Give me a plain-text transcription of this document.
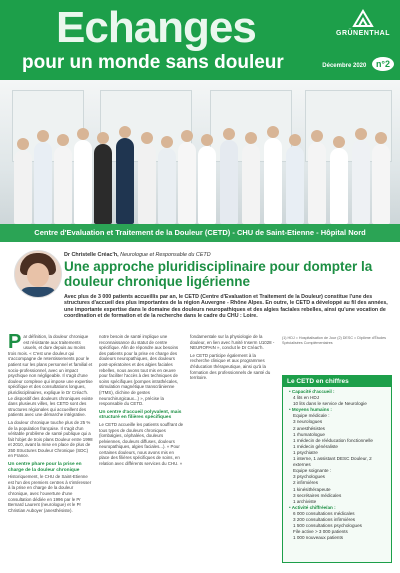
Echanges
pour un monde sans douleur
GRÜNENTHAL
Décembre 2020 n°2
Centre d'Evaluation et Traitement de la Douleur (CETD) - CHU de Saint-Etienne - Hôpital Nord
Dr Christelle Créac'h, Neurologue et Responsable du CETD
Une approche pluridisciplinaire pour dompter la douleur chronique ligérienne
Avec plus de 3 000 patients accueillis par an, le CETD (Centre d'Evaluation et Traitement de la Douleur) constitue l'une des structures d'accueil des plus importantes de la région Auvergne - Rhône Alpes. En outre, le CETD a développé au fil des années, une importante expertise dans le domaine des douleurs neuropathiques et des algies faciales rebelles, ainsi qu'une vocation de coordination et de formation et de la recherche dans le cadre du CHU : Loire.

Par définition, la douleur chronique est résistante aux traitements usuels, et dure depuis au moins trois mois. « C'est une douleur qui s'accompagne de retentissements pour le patient sur les plans personnel et familial et socio-professionnel, avec un impact psychique non négligeable. Il s'agit d'une douleur complexe qui impose une expertise spécifique et des consultations longues, pluridisciplinaires, explique le Dr Créac'h. Le dispositif des douleurs chroniques existe dans plusieurs villes, les CETD sont des structures régionales qui accueillent des patients avec une démarche intégrative.

La douleur chronique touche plus de 25 % de la population française. Il s'agit d'un véritable problème de santé publique qui a fait l'objet de trois plans Douleur entre 1998 et 2010, avant la mise en place de plus de 250 Structures Douleur Chronique (SDC) en France.

Un centre phare pour la prise en charge de la douleur chronique

Historiquement, le CHU de Saint-Etienne est l'un des premiers centres à s'intéresser à la prise en charge de la douleur chronique, avec l'ouverture d'une consultation dédiée en 1996 par le Pr Bernard Laurent (neurologue) et le Pr Christian Auboyer (anesthésiste).

notre besoin de santé implique une reconnaissance du statut de centre spécifique. Afin de répondre aux besoins des patients pour la prise en charge des douleurs neuropathiques, des douleurs post-opératoires et des algies faciales rebelles, nous avons tout mis en œuvre pour faciliter l'accès à des techniques de soins spécifiques (pompes intrathécales, stimulation magnétique transcrânienne (rTMS), clichine de gestes neurochirurgicaux...) », précise la responsable du CETD.

Un centre d'accueil polyvalent, mais structuré en filières spécifiques

Le CETD accueille les patients souffrant de tous types de douleurs chroniques (lombalgies, céphalées, douleurs pelviennes, douleurs diffuses, douleurs neuropathiques, algies faciales...). « Pour certaines douleurs, nous avons mis en place des filières spécifiques de soins, en relation avec différents services du CHU. »

fondamentale sur la physiologie de la douleur, en lien avec l'unité Inserm U1028 - NEUROPAIN », conclut le Dr Créac'h.

Le CETD participe également à la recherche clinique et aux programmes d'éducation thérapeutique, ainsi qu'à la formation des professionnels de santé du territoire.

(1) HDJ = Hospitalisation de Jour (2) DESC = Diplôme d'Études Spécialisées Complémentaires
Le CETD en chiffres
• Capacité d'accueil :
4 lits en HDJ
10 lits dans le service de Neurologie
• Moyens humains :
Equipe médicale :
3 neurologues
2 anesthésistes
1 rhumatologue
1 médecin de rééducation fonctionnelle
1 médecin généraliste
1 psychiatre
1 interne, 1 assistant DESC Douleur, 2 externes
Equipe soignante :
3 psychologues
2 infirmières
1 kinésithérapeute
3 secrétaires médicales
1 archiviste
• Activité chiffrée/an :
6 000 consultations médicales
3 200 consultations infirmières
1 500 consultations psychologues
File active > 3 000 patients
1 000 nouveaux patients
